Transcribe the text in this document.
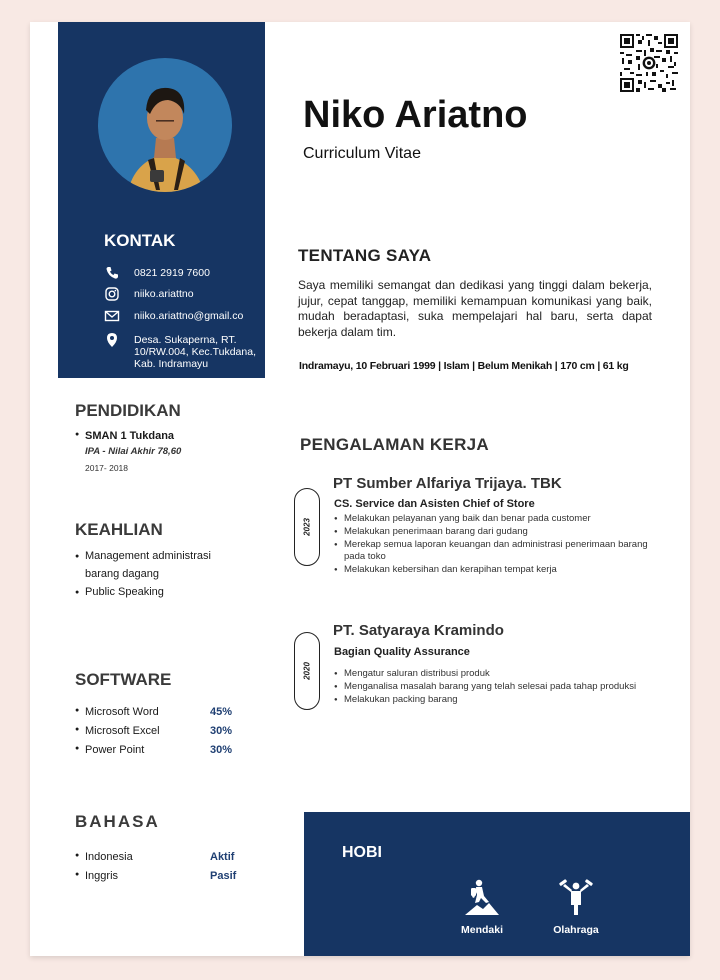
KONTAK
0821 2919 7600
niiko.ariattno
niiko.ariattno@gmail.co
Desa. Sukaperna, RT. 10/RW.004, Kec.Tukdana, Kab. Indramayu
PENDIDIKAN
● SMAN 1 Tukdana
IPA - Nilai Akhir 78,60
2017- 2018
KEAHLIAN
● Management administrasi barang dagang
● Public Speaking
SOFTWARE
● Microsoft Word	45%
● Microsoft Excel	30%
● Power Point	30%
BAHASA
● Indonesia	Aktif
● Inggris	Pasif
Niko Ariatno
Curriculum Vitae
TENTANG SAYA
Saya memiliki semangat dan dedikasi yang tinggi dalam bekerja, jujur, cepat tanggap, memiliki kemampuan komunikasi yang baik, mudah beradaptasi, suka mempelajari hal baru, serta dapat bekerja dalam tim.
Indramayu, 10 Februari 1999 | Islam | Belum Menikah | 170 cm | 61 kg
PENGALAMAN KERJA
2023
PT Sumber Alfariya Trijaya. TBK
CS. Service dan Asisten Chief of Store
● Melakukan pelayanan yang baik dan benar pada customer
● Melakukan penerimaan barang dari gudang
● Merekap semua laporan keuangan dan administrasi penerimaan barang pada toko
● Melakukan kebersihan dan kerapihan tempat kerja
2020
PT. Satyaraya Kramindo
Bagian Quality Assurance
● Mengatur saluran distribusi produk
● Menganalisa masalah barang yang telah selesai pada tahap produksi
● Melakukan packing barang
HOBI
Mendaki	Olahraga
